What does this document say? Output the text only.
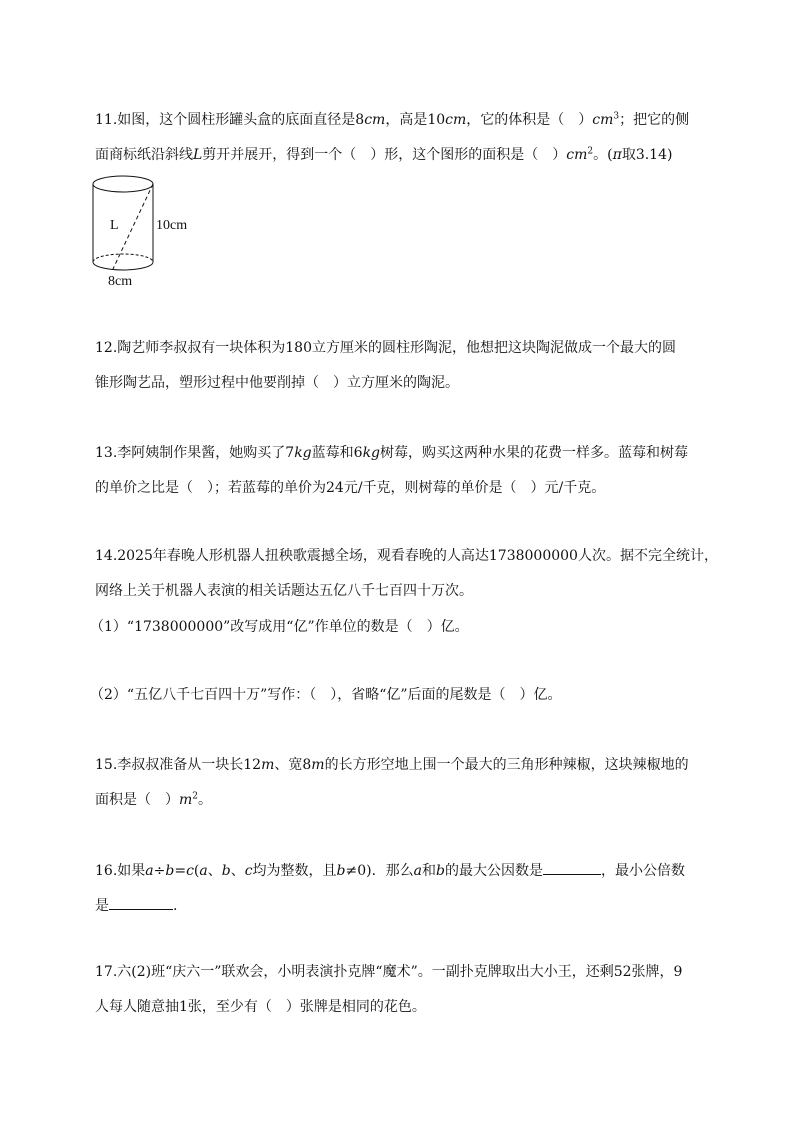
11.如图，这个圆柱形罐头盒的底面直径是8cm，高是10cm，它的体积是（　）$cm^3$；把它的侧
面商标纸沿斜线L剪开并展开，得到一个（　）形，这个图形的面积是（　）$cm^2$。(π取3.14)
L	10cm
8cm
12.陶艺师李叔叔有一块体积为180立方厘米的圆柱形陶泥，他想把这块陶泥做成一个最大的圆
锥形陶艺品，塑形过程中他要削掉（　）立方厘米的陶泥。
13.李阿姨制作果酱，她购买了7kg蓝莓和6kg树莓，购买这两种水果的花费一样多。蓝莓和树莓
的单价之比是（　）；若蓝莓的单价为24元/千克，则树莓的单价是（　）元/千克。
14.2025年春晚人形机器人扭秧歌震撼全场，观看春晚的人高达1738000000人次。据不完全统计，
网络上关于机器人表演的相关话题达五亿八千七百四十万次。
（1）“1738000000”改写成用“亿”作单位的数是（　）亿。
（2）“五亿八千七百四十万”写作：（　），省略“亿”后面的尾数是（　）亿。
15.李叔叔准备从一块长12m、宽8m的长方形空地上围一个最大的三角形种辣椒，这块辣椒地的
面积是（　）$m^2$。
16.如果a÷b=c(a、b、c均为整数，且b≠0)．那么a和b的最大公因数是	，最小公倍数
是	.
17.六(2)班“庆六一”联欢会，小明表演扑克牌“魔术”。一副扑克牌取出大小王，还剩52张牌，9
人每人随意抽1张，至少有（　）张牌是相同的花色。
